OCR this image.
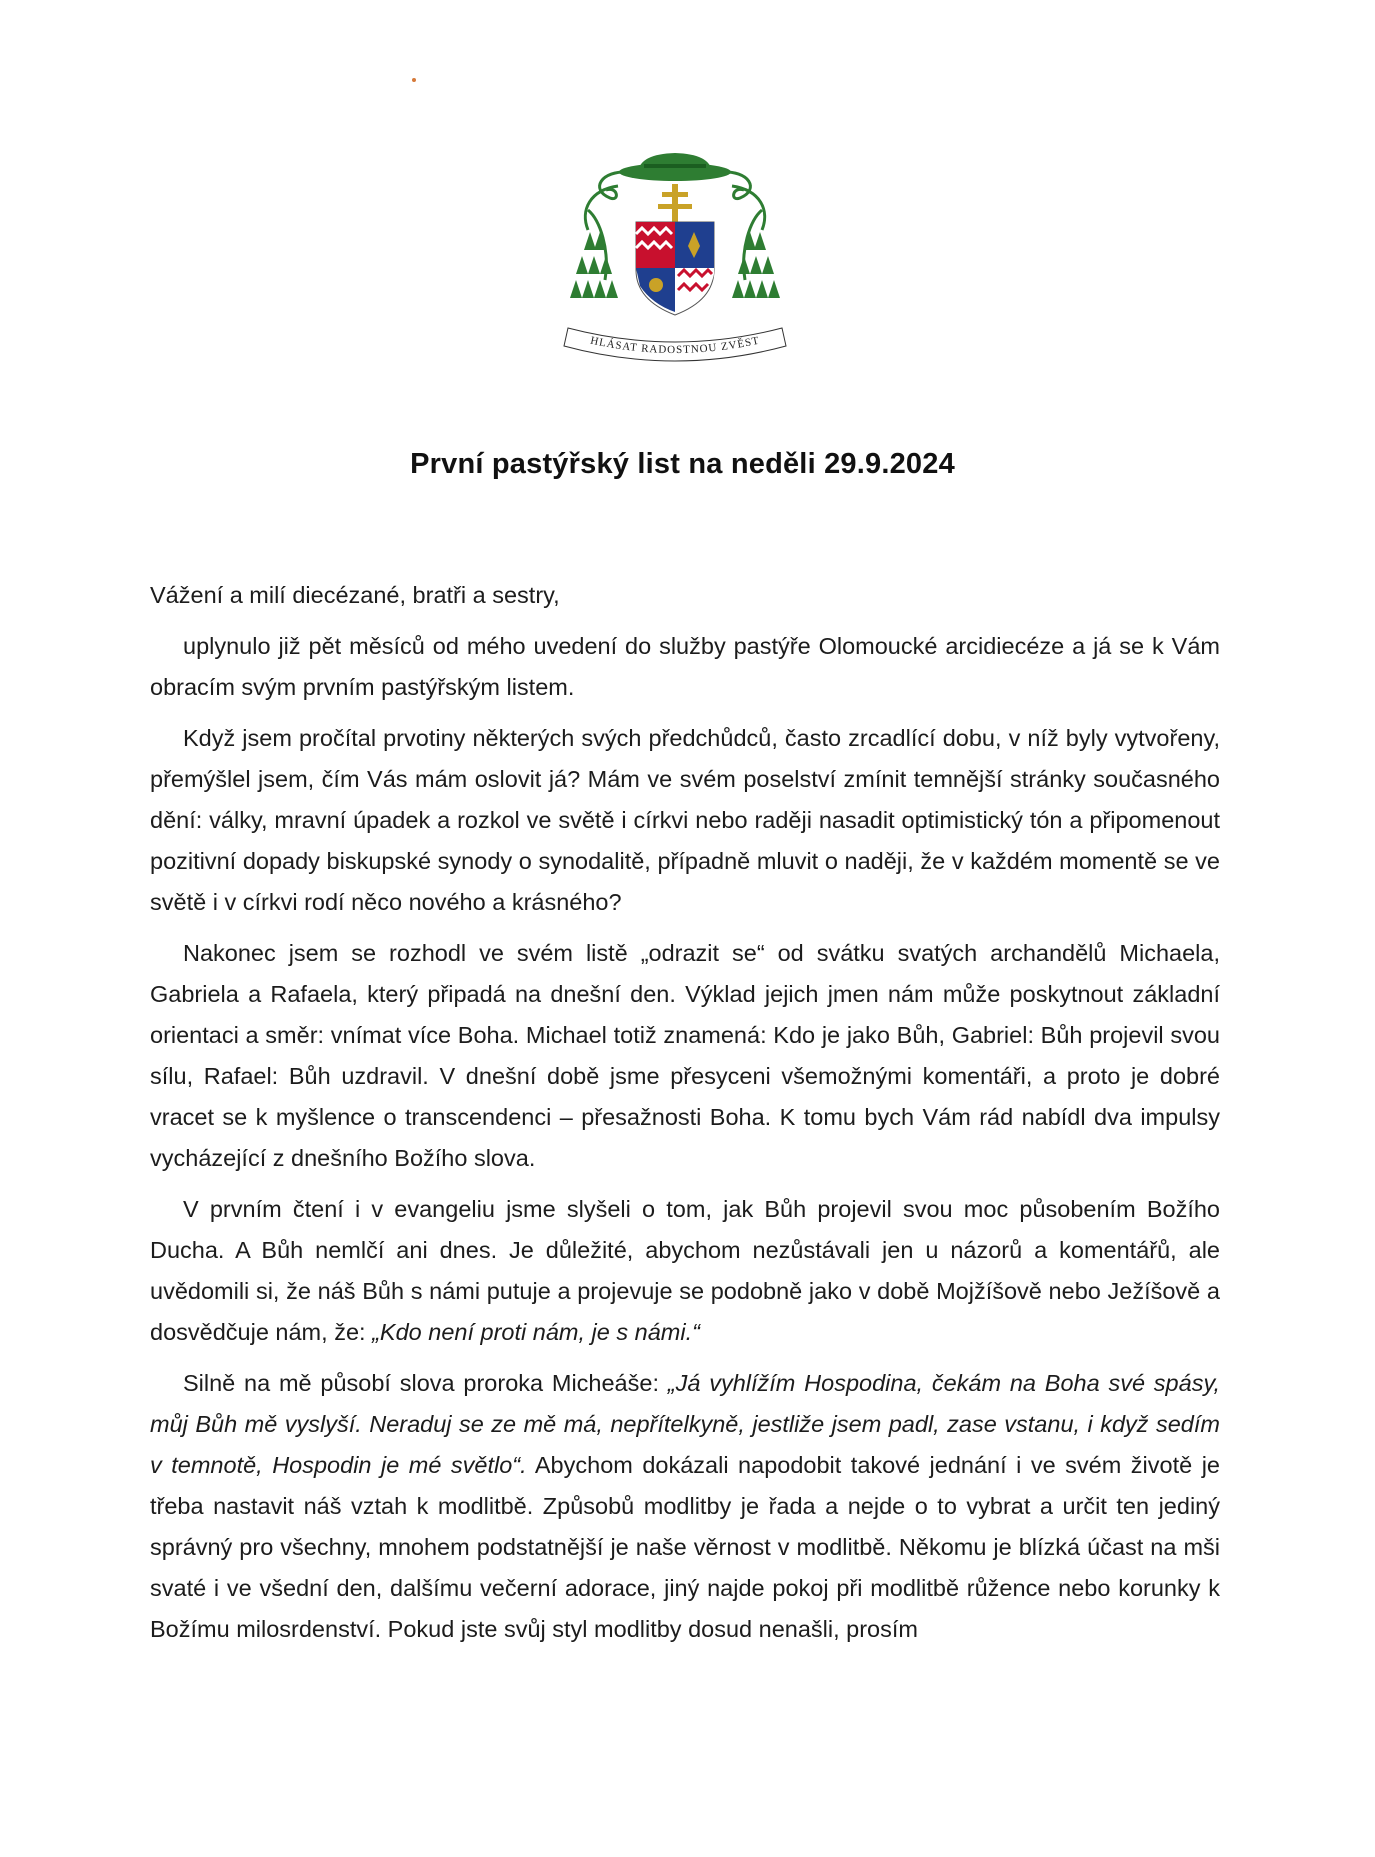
HLÁSAT RADOSTNOU ZVĚST
První pastýřský list na neděli 29.9.2024

Vážení a milí diecézané, bratři a sestry,

uplynulo již pět měsíců od mého uvedení do služby pastýře Olomoucké arcidiecéze a já se k Vám obracím svým prvním pastýřským listem.

Když jsem pročítal prvotiny některých svých předchůdců, často zrcadlící dobu, v níž byly vytvořeny, přemýšlel jsem, čím Vás mám oslovit já? Mám ve svém poselství zmínit temnější stránky současného dění: války, mravní úpadek a rozkol ve světě i církvi nebo raději nasadit optimistický tón a připomenout pozitivní dopady biskupské synody o synodalitě, případně mluvit o naději, že v každém momentě se ve světě i v církvi rodí něco nového a krásného?

Nakonec jsem se rozhodl ve svém listě „odrazit se“ od svátku svatých archandělů Michaela, Gabriela a Rafaela, který připadá na dnešní den. Výklad jejich jmen nám může poskytnout základní orientaci a směr: vnímat více Boha. Michael totiž znamená: Kdo je jako Bůh, Gabriel: Bůh projevil svou sílu, Rafael: Bůh uzdravil. V dnešní době jsme přesyceni všemožnými komentáři, a proto je dobré vracet se k myšlence o transcendenci – přesažnosti Boha. K tomu bych Vám rád nabídl dva impulsy vycházející z dnešního Božího slova.

V prvním čtení i v evangeliu jsme slyšeli o tom, jak Bůh projevil svou moc působením Božího Ducha. A Bůh nemlčí ani dnes. Je důležité, abychom nezůstávali jen u názorů a komentářů, ale uvědomili si, že náš Bůh s námi putuje a projevuje se podobně jako v době Mojžíšově nebo Ježíšově a dosvědčuje nám, že: „Kdo není proti nám, je s námi.“

Silně na mě působí slova proroka Micheáše: „Já vyhlížím Hospodina, čekám na Boha své spásy, můj Bůh mě vyslyší. Neraduj se ze mě má, nepřítelkyně, jestliže jsem padl, zase vstanu, i když sedím v temnotě, Hospodin je mé světlo“. Abychom dokázali napodobit takové jednání i ve svém životě je třeba nastavit náš vztah k modlitbě. Způsobů modlitby je řada a nejde o to vybrat a určit ten jediný správný pro všechny, mnohem podstatnější je naše věrnost v modlitbě. Někomu je blízká účast na mši svaté i ve všední den, dalšímu večerní adorace, jiný najde pokoj při modlitbě růžence nebo korunky k Božímu milosrdenství. Pokud jste svůj styl modlitby dosud nenašli, prosím
